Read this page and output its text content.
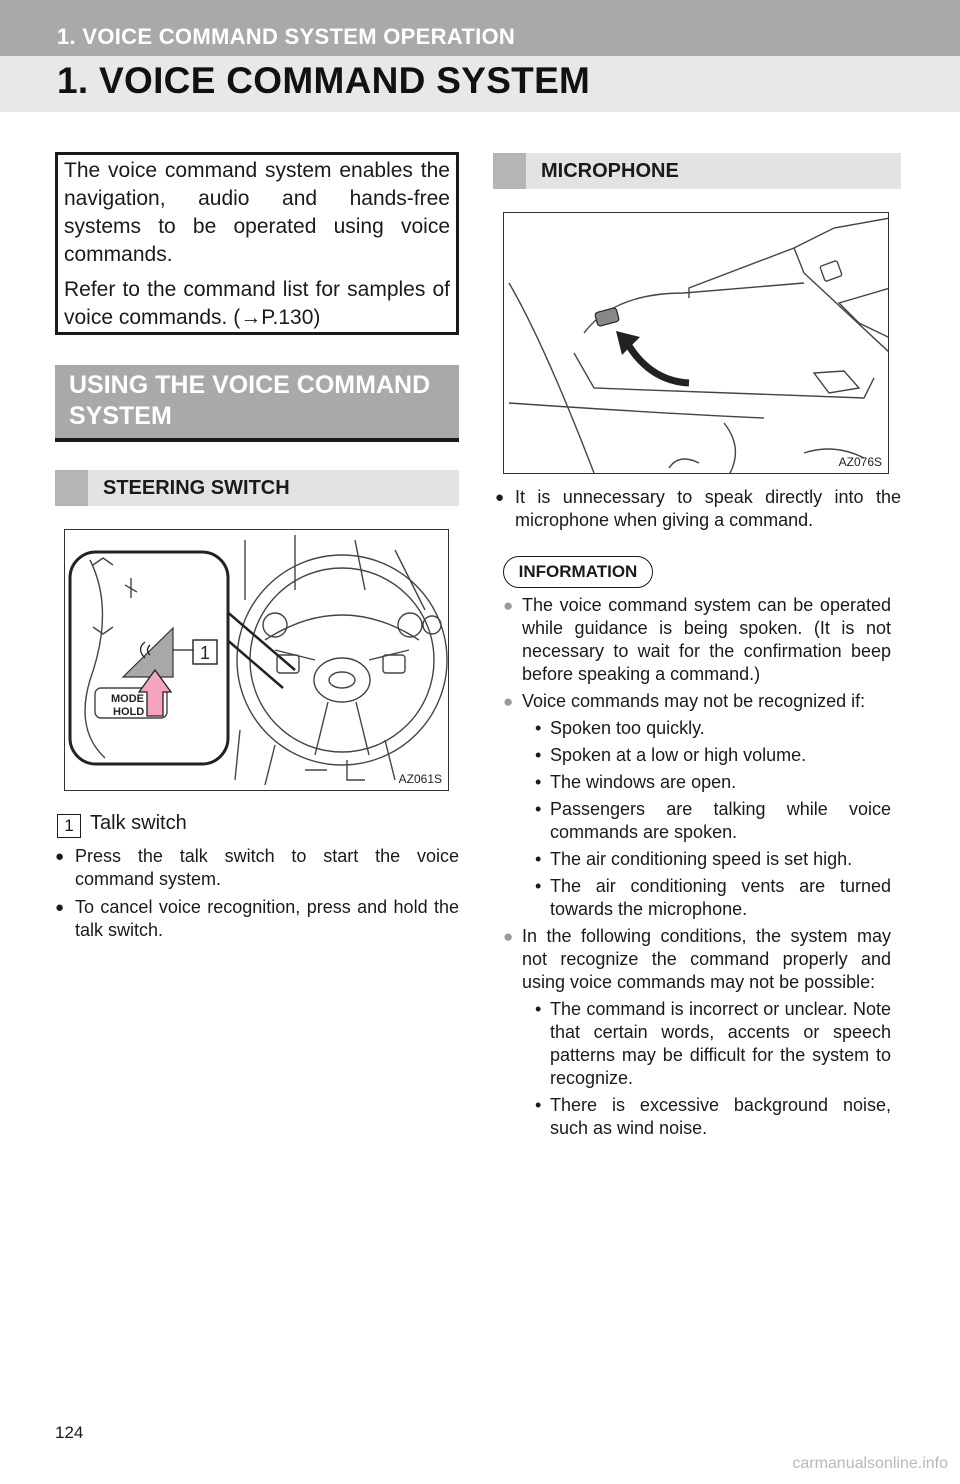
1. VOICE COMMAND SYSTEM OPERATION
1. VOICE COMMAND SYSTEM

The voice command system enables the navigation, audio and hands-free systems to be operated using voice commands.

Refer to the command list for samples of voice commands. (→P.130)

USING THE VOICE COMMAND SYSTEM
STEERING SWITCH
1
MODE
HOLD
AZ061S
1 Talk switch
● Press the talk switch to start the voice command system.
● To cancel voice recognition, press and hold the talk switch.
MICROPHONE
AZ076S
● It is unnecessary to speak directly into the microphone when giving a command.
INFORMATION
● The voice command system can be operated while guidance is being spoken. (It is not necessary to wait for the confirmation beep before speaking a command.)
● Voice commands may not be recognized if:
• Spoken too quickly.
• Spoken at a low or high volume.
• The windows are open.
• Passengers are talking while voice commands are spoken.
• The air conditioning speed is set high.
• The air conditioning vents are turned towards the microphone.
● In the following conditions, the system may not recognize the command properly and using voice commands may not be possible:
• The command is incorrect or unclear. Note that certain words, accents or speech patterns may be difficult for the system to recognize.
• There is excessive background noise, such as wind noise.
124
carmanualsonline.info
